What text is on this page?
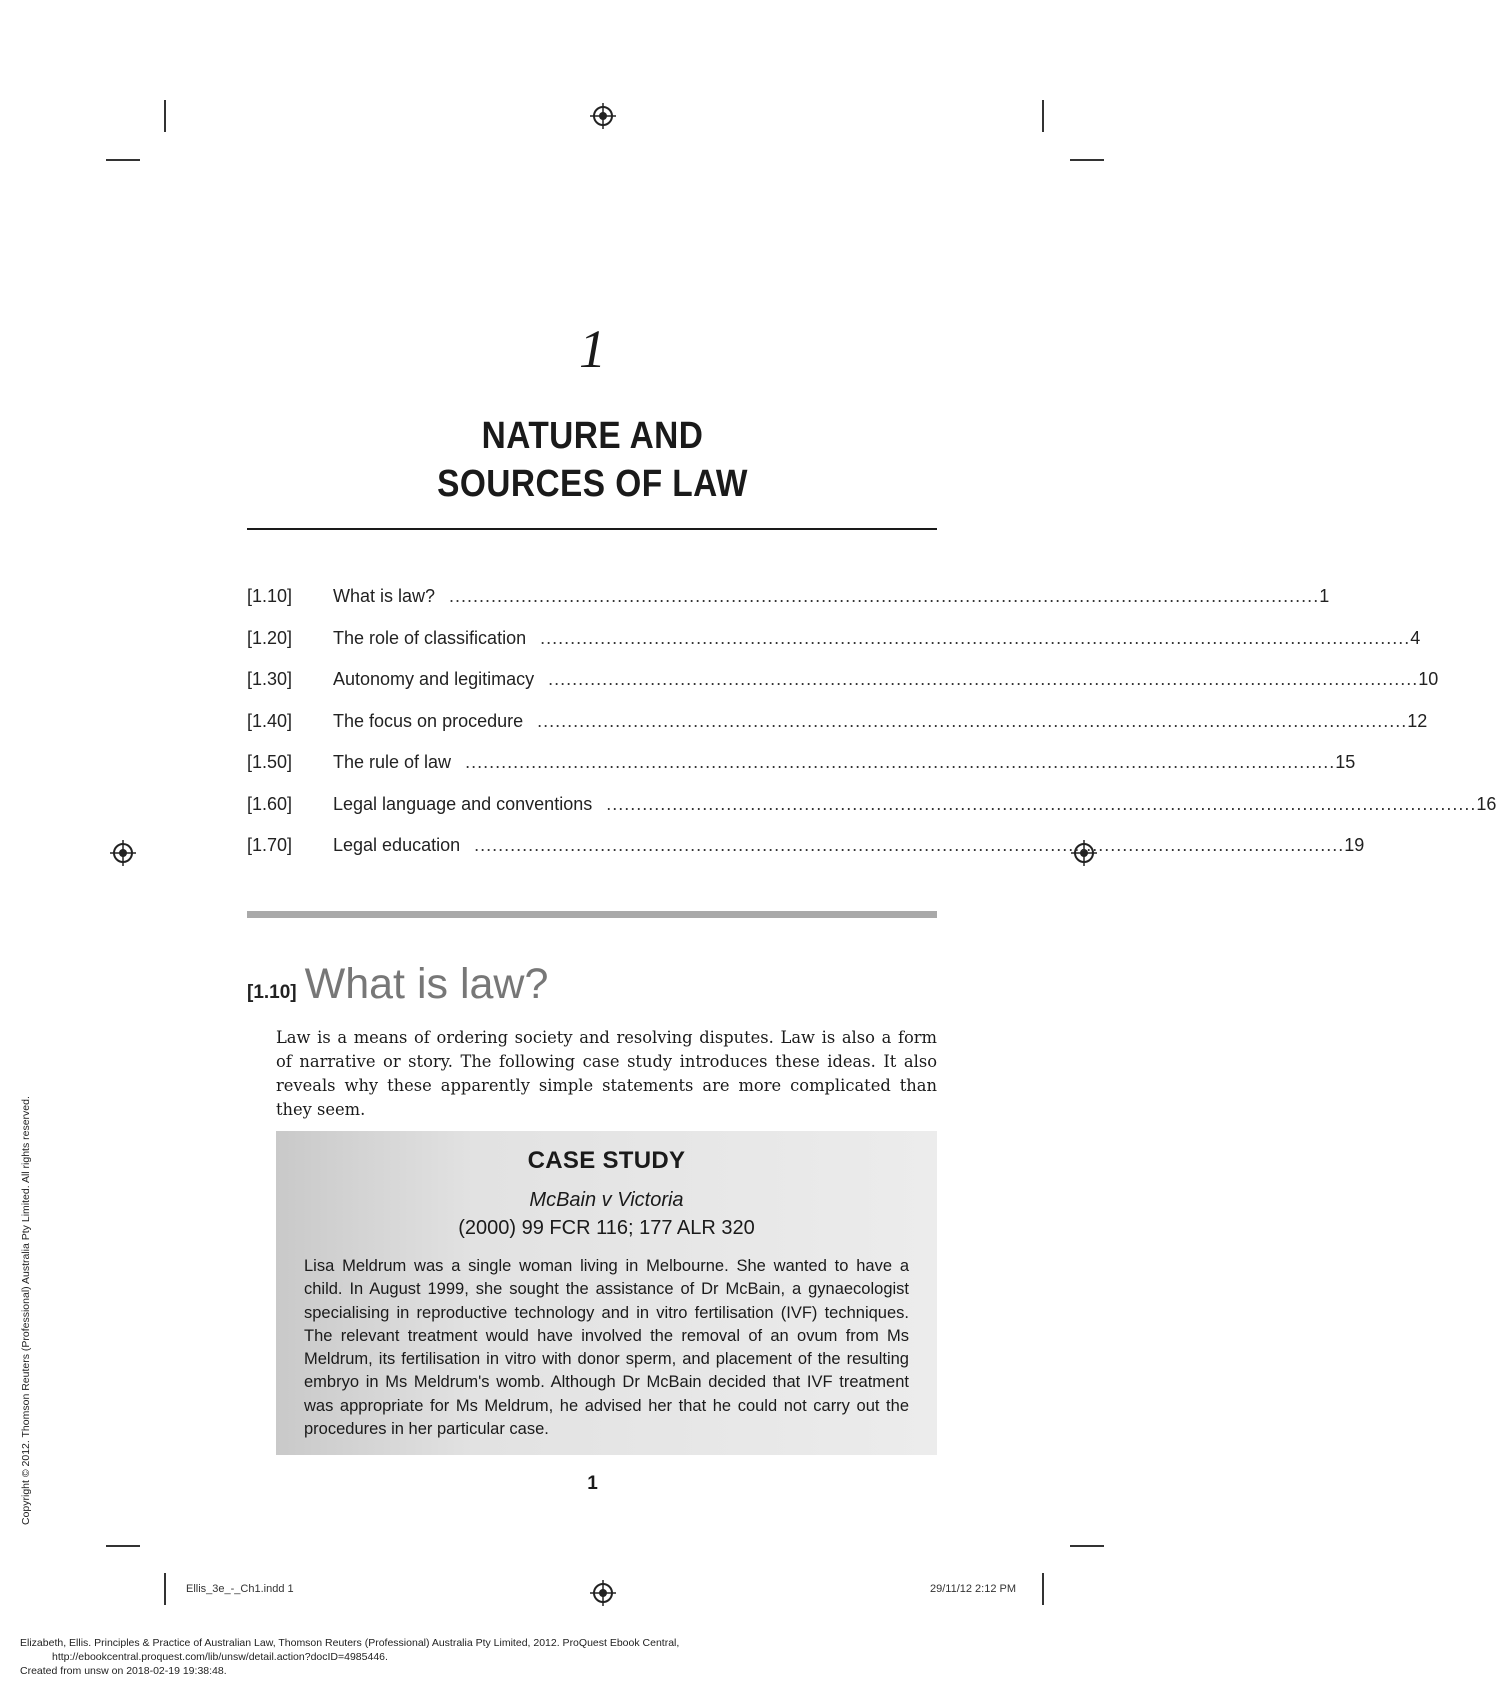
1
NATURE AND
SOURCES OF LAW
[1.10]	What is law? ................................................................................................................................................. 1
[1.20]	The role of classification ................................................................................................................................................. 4
[1.30]	Autonomy and legitimacy ................................................................................................................................................. 10
[1.40]	The focus on procedure ................................................................................................................................................. 12
[1.50]	The rule of law ................................................................................................................................................. 15
[1.60]	Legal language and conventions ................................................................................................................................................. 16
[1.70]	Legal education ................................................................................................................................................. 19
[1.10] What is law?
Law is a means of ordering society and resolving disputes. Law is also a form of narrative or story. The following case study introduces these ideas. It also reveals why these apparently simple statements are more complicated than they seem.
CASE STUDY
McBain v Victoria
(2000) 99 FCR 116; 177 ALR 320
Lisa Meldrum was a single woman living in Melbourne. She wanted to have a child. In August 1999, she sought the assistance of Dr McBain, a gynaecologist specialising in reproductive technology and in vitro fertilisation (IVF) techniques. The relevant treatment would have involved the removal of an ovum from Ms Meldrum, its fertilisation in vitro with donor sperm, and placement of the resulting embryo in Ms Meldrum's womb. Although Dr McBain decided that IVF treatment was appropriate for Ms Meldrum, he advised her that he could not carry out the procedures in her particular case.
1
Ellis_3e_-_Ch1.indd 1	29/11/12 2:12 PM
Copyright © 2012. Thomson Reuters (Professional) Australia Pty Limited. All rights reserved.
Elizabeth, Ellis. Principles & Practice of Australian Law, Thomson Reuters (Professional) Australia Pty Limited, 2012. ProQuest Ebook Central,
http://ebookcentral.proquest.com/lib/unsw/detail.action?docID=4985446.
Created from unsw on 2018-02-19 19:38:48.
